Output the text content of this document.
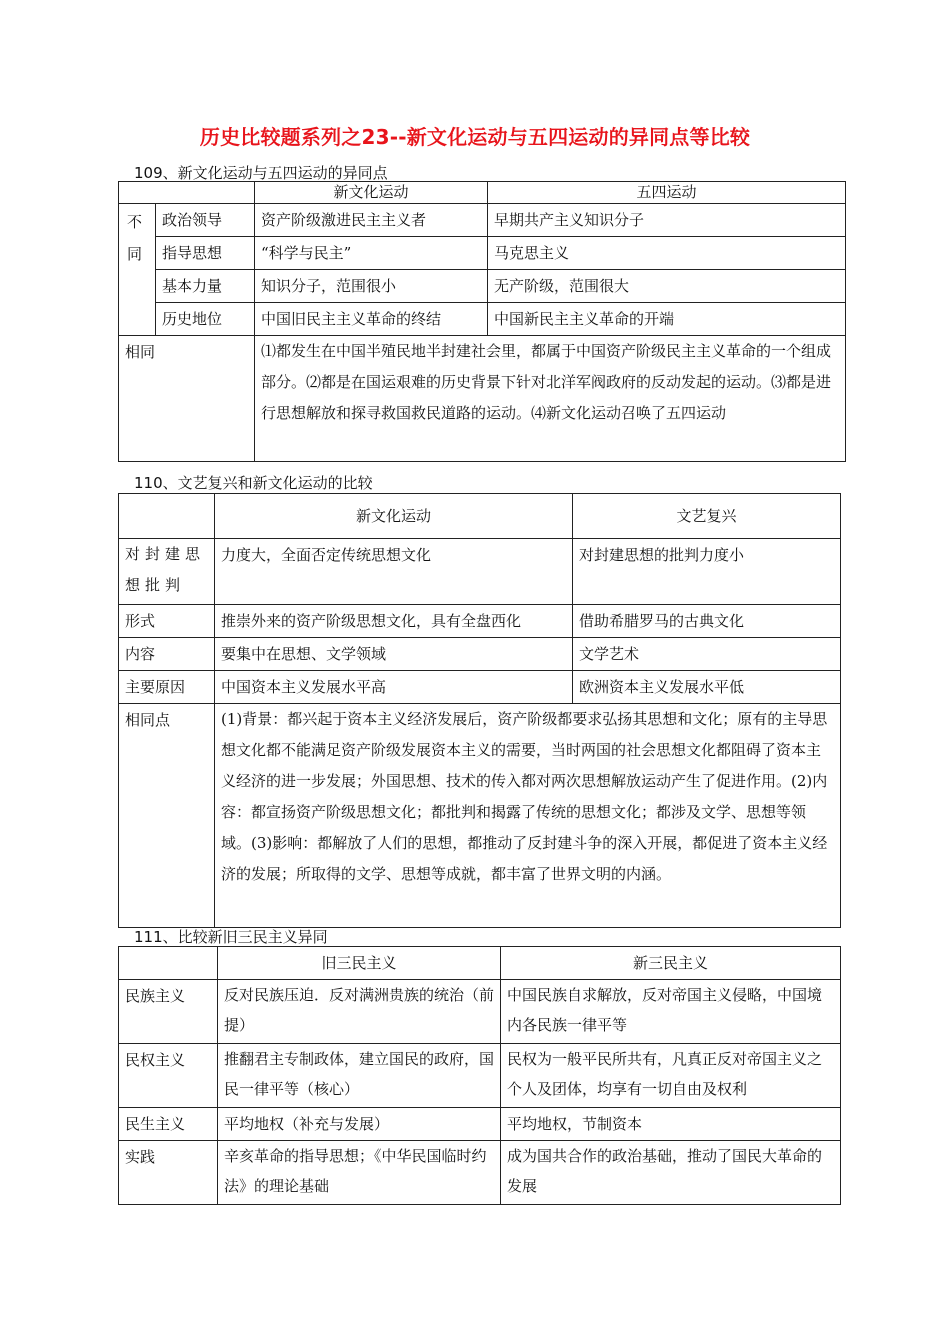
历史比较题系列之23--新文化运动与五四运动的异同点等比较
109、新文化运动与五四运动的异同点
		新文化运动	五四运动

不同	政治领导	资产阶级激进民主主义者	早期共产主义知识分子
	指导思想	“科学与民主”	马克思主义
	基本力量	知识分子，范围很小	无产阶级，范围很大
	历史地位	中国旧民主主义革命的终结	中国新民主主义革命的开端
相同		⑴都发生在中国半殖民地半封建社会里，都属于中国资产阶级民主主义革命的一个组成部分。⑵都是在国运艰难的历史背景下针对北洋军阀政府的反动发起的运动。⑶都是进行思想解放和探寻救国救民道路的运动。⑷新文化运动召唤了五四运动	
110、文艺复兴和新文化运动的比较
	新文化运动	文艺复兴
对封建思想批判	力度大，全面否定传统思想文化	对封建思想的批判力度小
形式	推崇外来的资产阶级思想文化，具有全盘西化	借助希腊罗马的古典文化
内容	要集中在思想、文学领域	文学艺术
主要原因	中国资本主义发展水平高	欧洲资本主义发展水平低
相同点	(1)背景：都兴起于资本主义经济发展后，资产阶级都要求弘扬其思想和文化；原有的主导思想文化都不能满足资产阶级发展资本主义的需要，当时两国的社会思想文化都阻碍了资本主义经济的进一步发展；外国思想、技术的传入都对两次思想解放运动产生了促进作用。(2)内容：都宣扬资产阶级思想文化；都批判和揭露了传统的思想文化；都涉及文学、思想等领域。(3)影响：都解放了人们的思想，都推动了反封建斗争的深入开展，都促进了资本主义经济的发展；所取得的文学、思想等成就，都丰富了世界文明的内涵。	
111、比较新旧三民主义异同
	旧三民主义	新三民主义
民族主义	反对民族压迫．反对满洲贵族的统治（前提）	中国民族自求解放，反对帝国主义侵略，中国境内各民族一律平等
民权主义	推翻君主专制政体，建立国民的政府，国民一律平等（核心）	民权为一般平民所共有，凡真正反对帝国主义之个人及团体，均享有一切自由及权利
民生主义	平均地权（补充与发展）	平均地权，节制资本
实践	辛亥革命的指导思想；《中华民国临时约法》的理论基础	成为国共合作的政治基础，推动了国民大革命的发展
